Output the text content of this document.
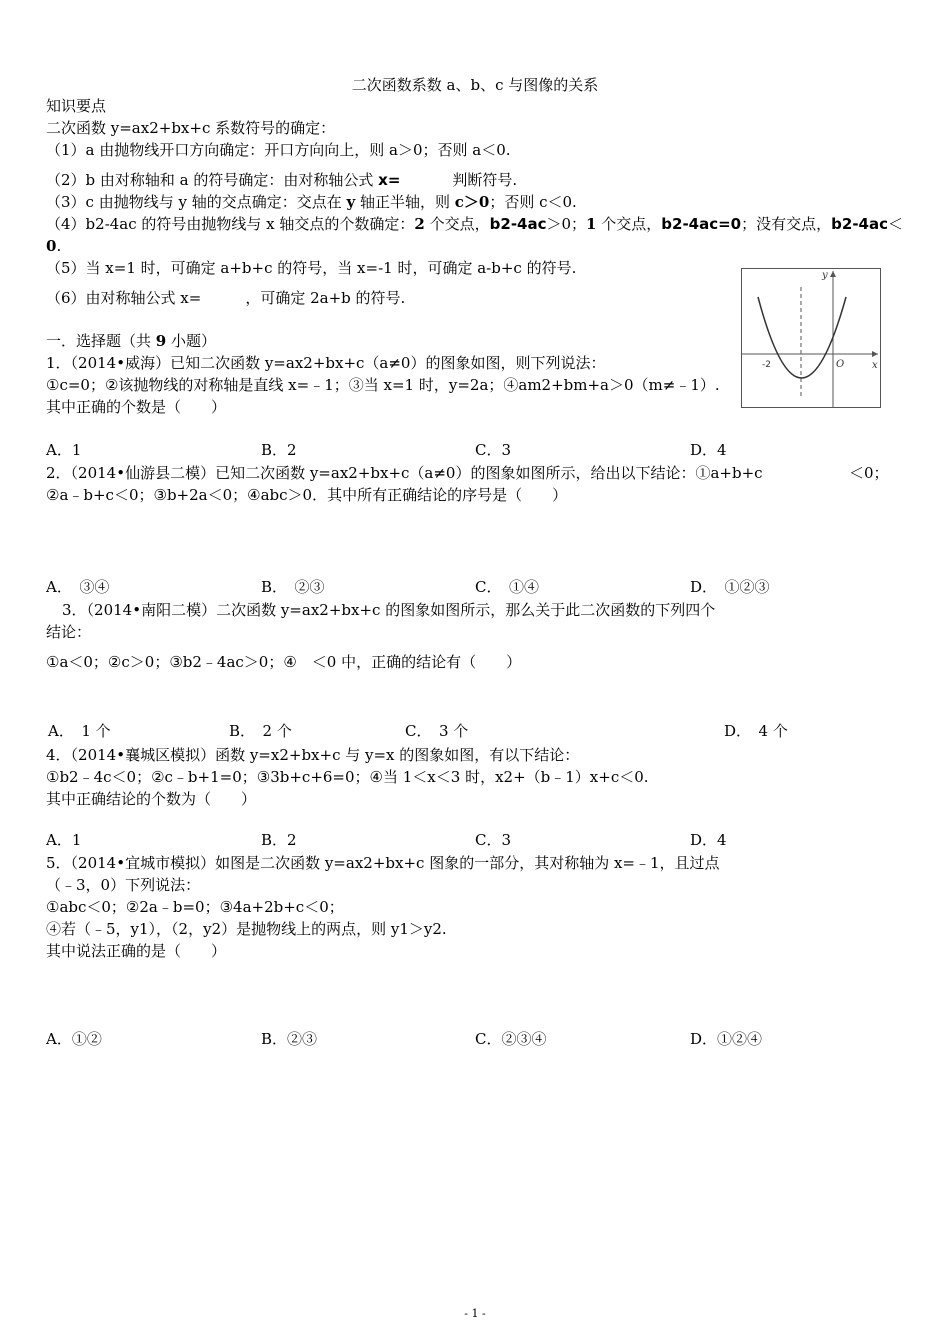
二次函数系数 a、b、c 与图像的关系
知识要点
二次函数 y=ax2+bx+c 系数符号的确定：
（1）a 由抛物线开口方向确定：开口方向向上，则 a＞0；否则 a＜0.
（2）b 由对称轴和 a 的符号确定：由对称轴公式 x=	判断符号.
（3）c 由抛物线与 y 轴的交点确定：交点在 y 轴正半轴，则 c＞0；否则 c＜0.
（4）b2-4ac 的符号由抛物线与 x 轴交点的个数确定：2 个交点，b2-4ac＞0；1 个交点，b2-4ac=0；没有交点，b2-4ac＜
0.
（5）当 x=1 时，可确定 a+b+c 的符号，当 x=-1 时，可确定 a-b+c 的符号.
（6）由对称轴公式 x=	，可确定 2a+b 的符号.
y
x
-2	O
一．选择题（共 9 小题）
1．（2014•威海）已知二次函数 y=ax2+bx+c（a≠0）的图象如图，则下列说法：
①c=0；②该抛物线的对称轴是直线 x=﹣1；③当 x=1 时，y=2a；④am2+bm+a＞0（m≠﹣1）.
其中正确的个数是（　　）
A．1	B．2	C．3	D．4
2．（2014•仙游县二模）已知二次函数 y=ax2+bx+c（a≠0）的图象如图所示，给出以下结论：①a+b+c	＜0；
②a﹣b+c＜0；③b+2a＜0；④abc＞0．其中所有正确结论的序号是（　　）
A．　③④	B．　②③	C．　①④	D．　①②③
3．（2014•南阳二模）二次函数 y=ax2+bx+c 的图象如图所示，那么关于此二次函数的下列四个
结论：
①a＜0；②c＞0；③b2﹣4ac＞0；④　＜0 中，正确的结论有（　　）
A．　1 个	B．　2 个	C．　3 个	D．　4 个
4．（2014•襄城区模拟）函数 y=x2+bx+c 与 y=x 的图象如图，有以下结论：
①b2﹣4c＜0；②c﹣b+1=0；③3b+c+6=0；④当 1＜x＜3 时，x2+（b﹣1）x+c＜0.
其中正确结论的个数为（　　）
A．1	B．2	C．3	D．4
5．（2014•宜城市模拟）如图是二次函数 y=ax2+bx+c 图象的一部分，其对称轴为 x=﹣1，且过点
（﹣3，0）下列说法：
①abc＜0；②2a﹣b=0；③4a+2b+c＜0；
④若（﹣5，y1），（2，y2）是抛物线上的两点，则 y1＞y2.
其中说法正确的是（　　）
A．①②	B．②③	C．②③④	D．①②④
- 1 -
